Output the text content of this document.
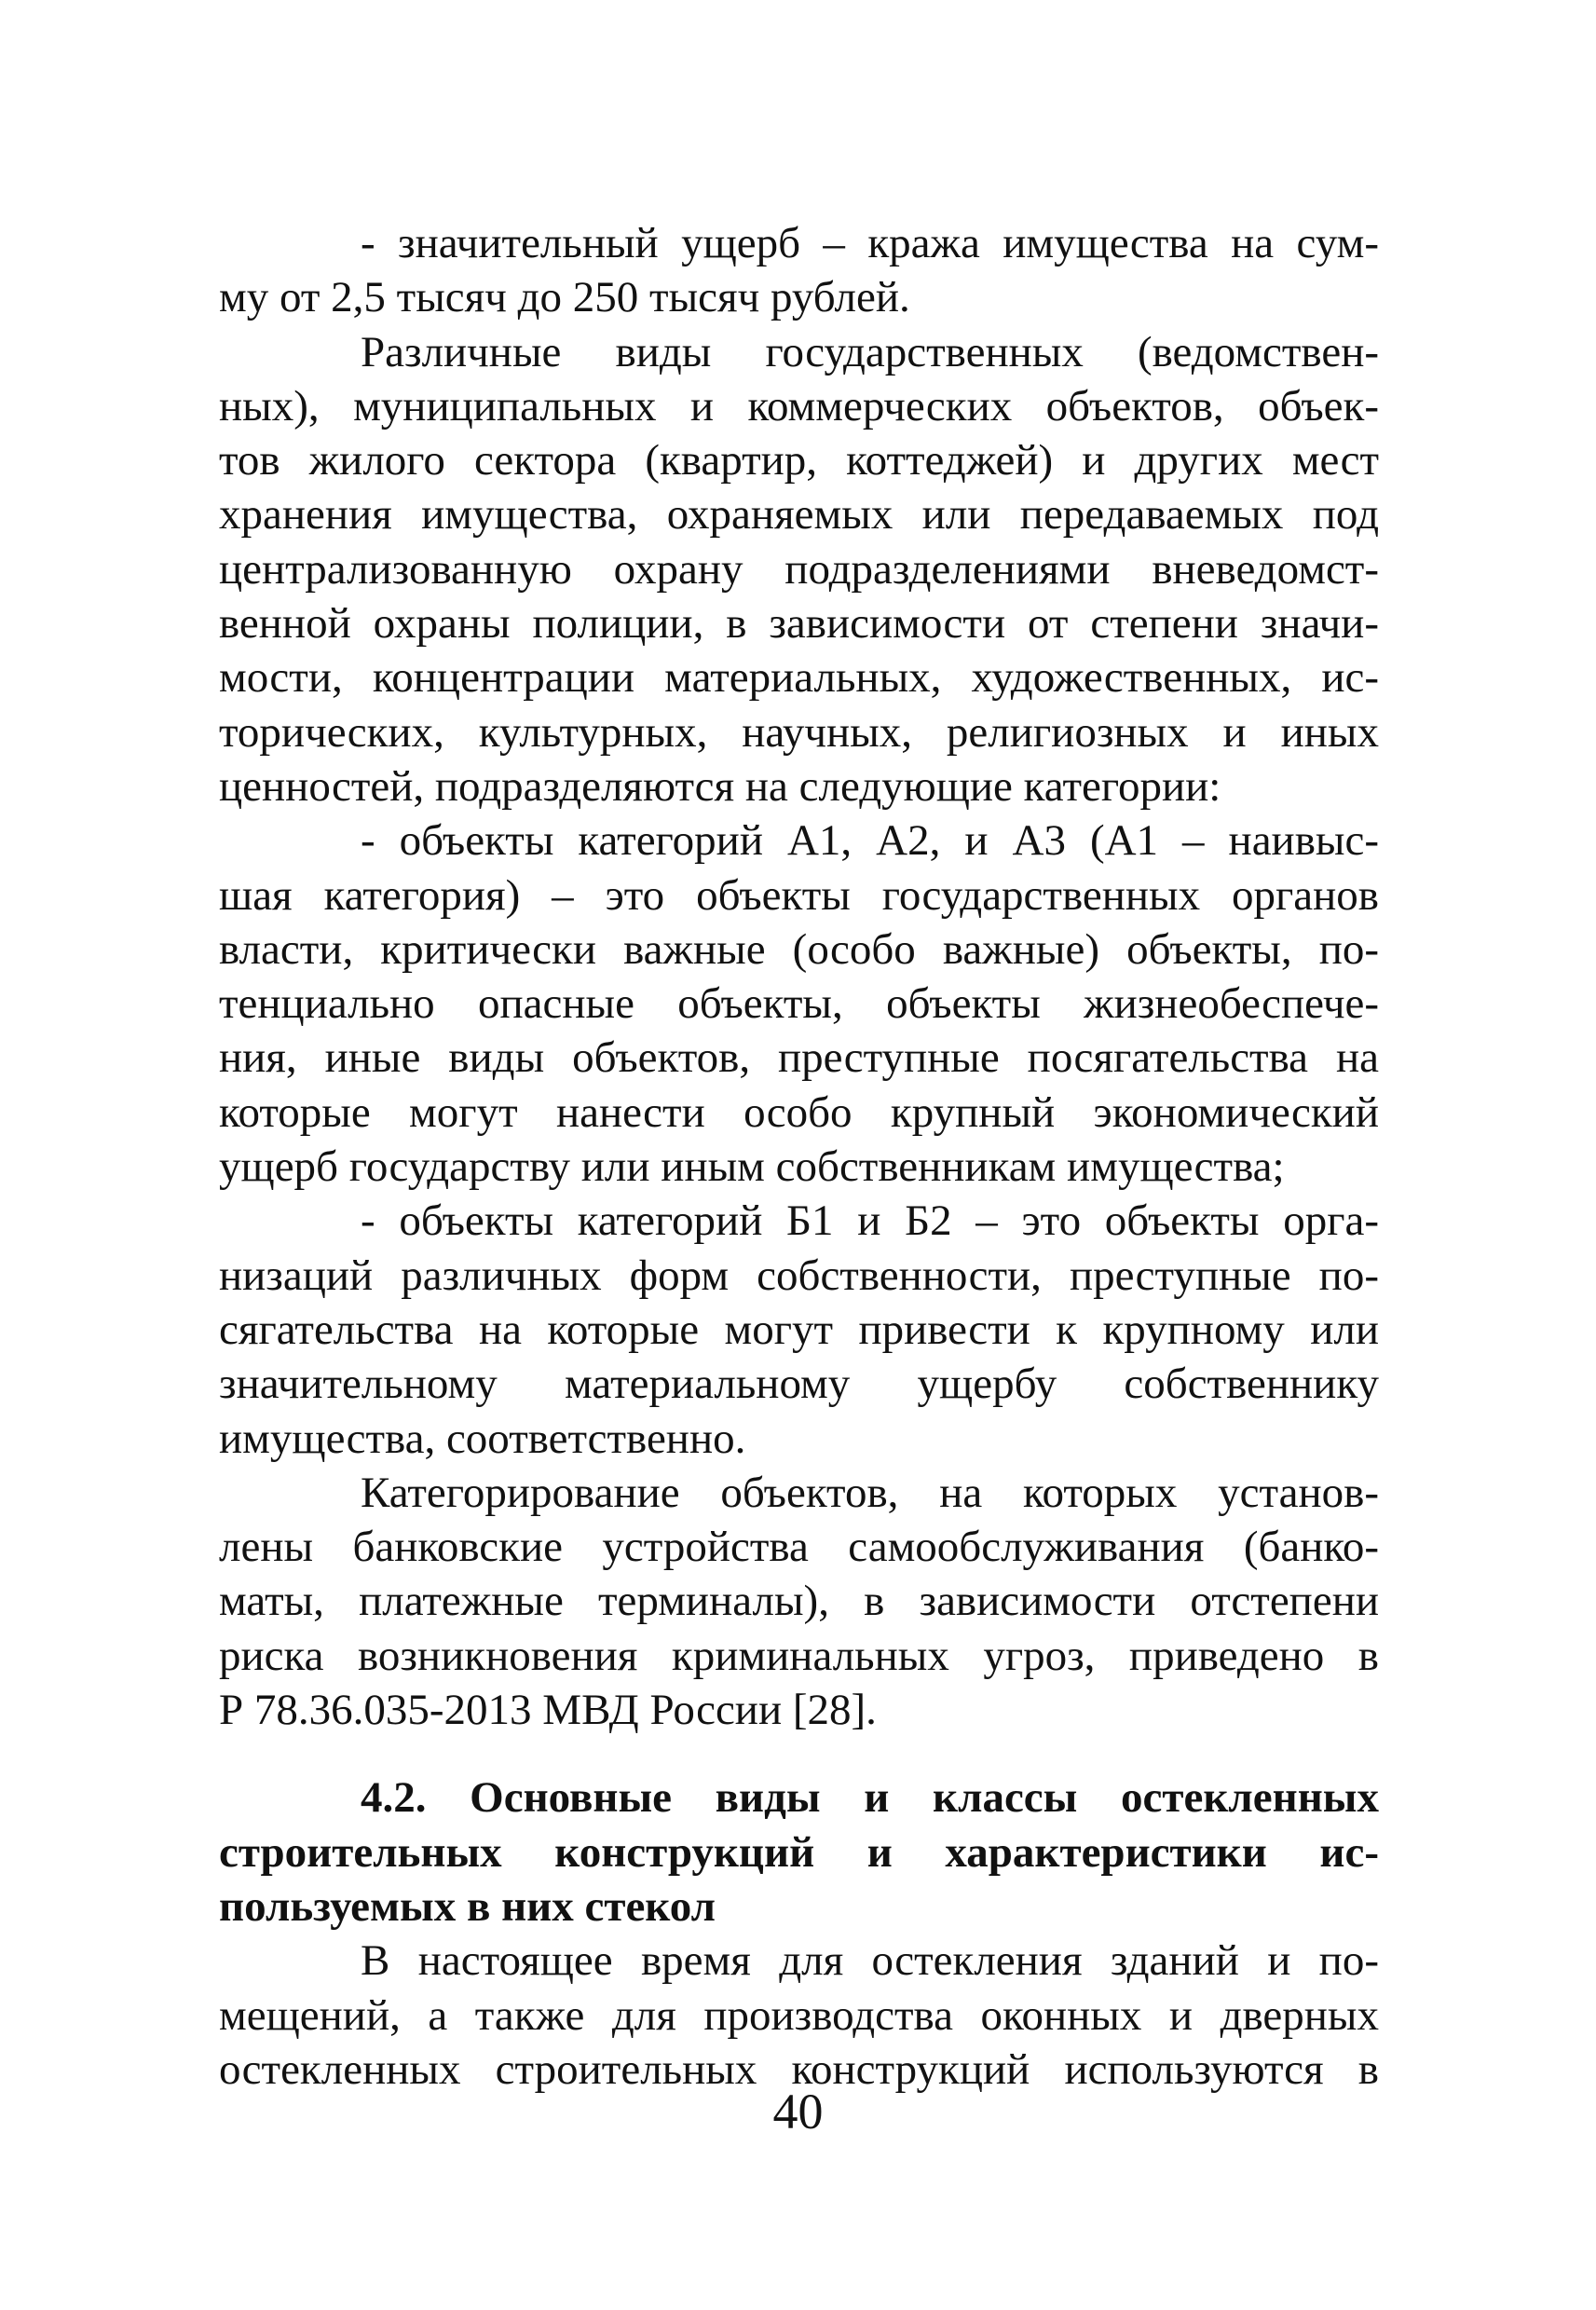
- значительный ущерб – кража имущества на сум-
му от 2,5 тысяч до 250 тысяч рублей.
Различные виды государственных (ведомствен-
ных), муниципальных и коммерческих объектов, объек-
тов жилого сектора (квартир, коттеджей) и других мест
хранения имущества, охраняемых или передаваемых под
централизованную охрану подразделениями вневедомст-
венной охраны полиции, в зависимости от степени значи-
мости, концентрации материальных, художественных, ис-
торических, культурных, научных, религиозных и иных
ценностей, подразделяются на следующие категории:
- объекты категорий А1, А2, и А3 (А1 – наивыс-
шая категория) – это объекты государственных органов
власти, критически важные (особо важные) объекты, по-
тенциально опасные объекты, объекты жизнеобеспече-
ния, иные виды объектов, преступные посягательства на
которые могут нанести особо крупный экономический
ущерб государству или иным собственникам имущества;
- объекты категорий Б1 и Б2 – это объекты орга-
низаций различных форм собственности, преступные по-
сягательства на которые могут привести к крупному или
значительному материальному ущербу собственнику
имущества, соответственно.
Категорирование объектов, на которых установ-
лены банковские устройства самообслуживания (банко-
маты, платежные терминалы), в зависимости отстепени
риска возникновения криминальных угроз, приведено в
Р 78.36.035-2013 МВД России [28].
4.2. Основные виды и классы остекленных
строительных конструкций и характеристики ис-
пользуемых в них стекол
В настоящее время для остекления зданий и по-
мещений, а также для производства оконных и дверных
остекленных строительных конструкций используются в
40
